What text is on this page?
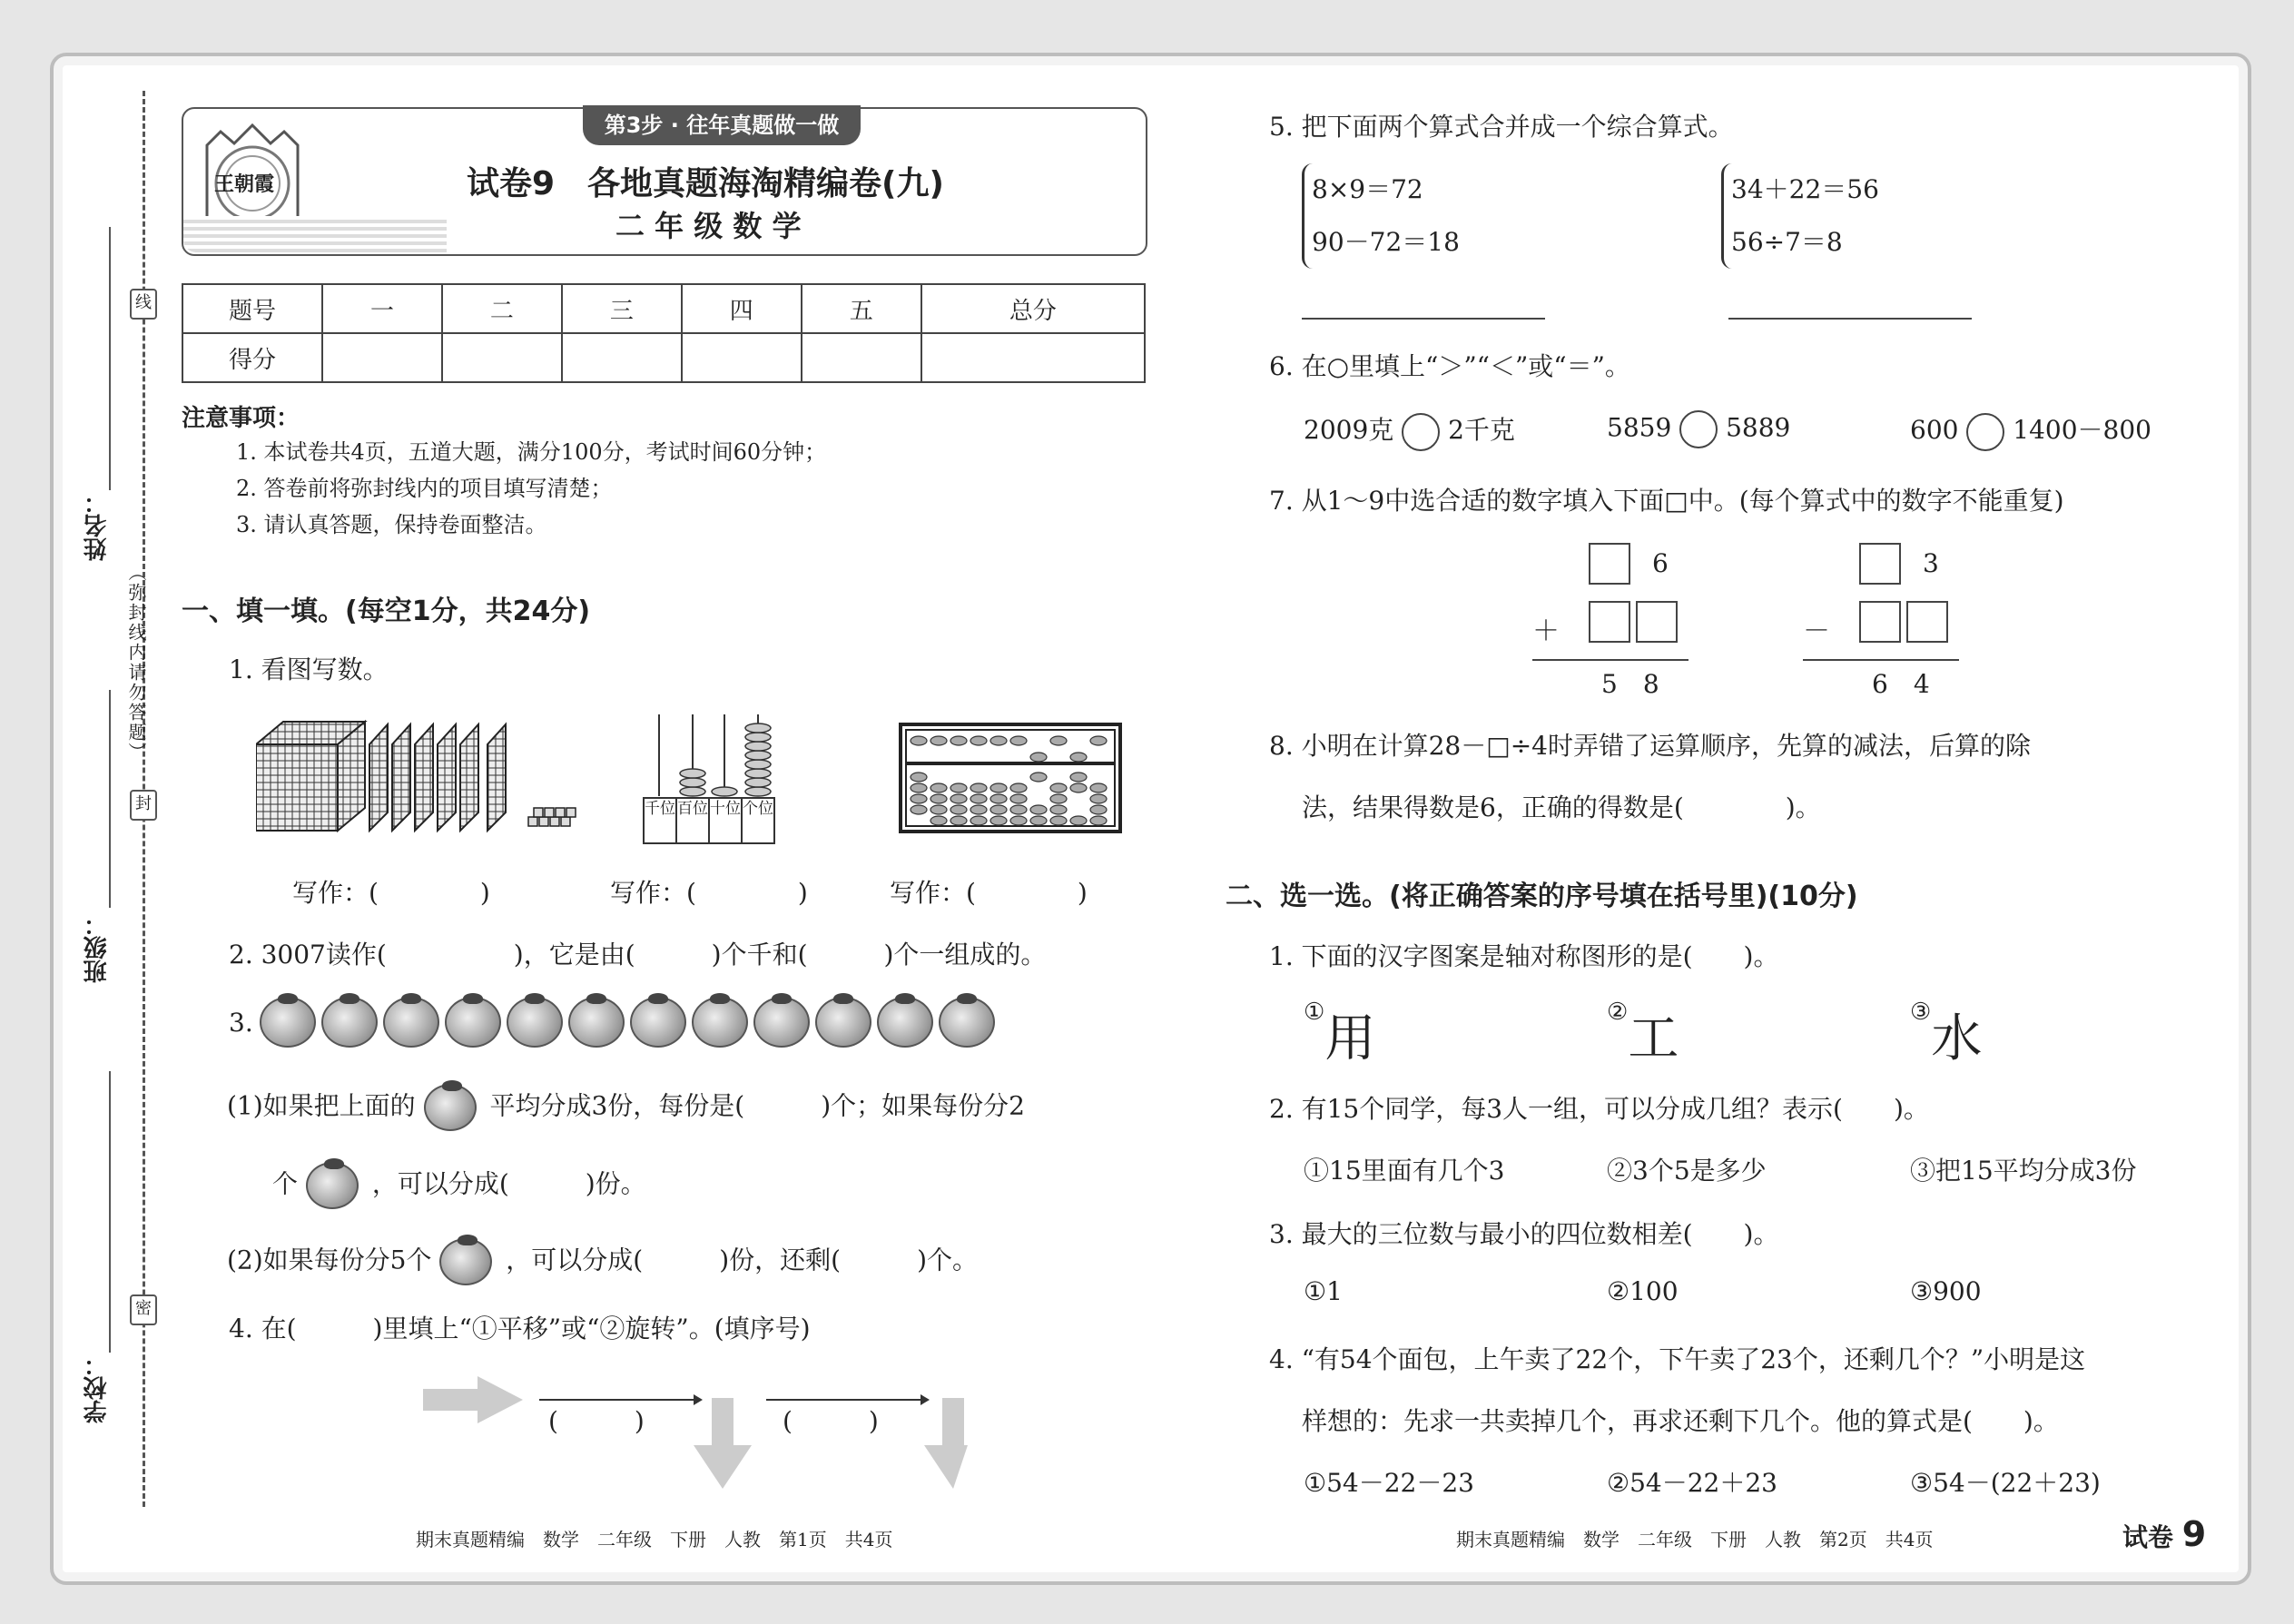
线
封
密
姓名：
班级：
学校：
（弥封线内请勿答题）
第3步 · 往年真题做一做
王朝霞	试卷9　各地真题海淘精编卷(九)
二 年 级 数 学
题号	一	二	三	四	五	总分
得分						
注意事项：
1. 本试卷共4页，五道大题，满分100分，考试时间60分钟；
2. 答卷前将弥封线内的项目填写清楚；
3. 请认真答题，保持卷面整洁。
一、填一填。(每空1分，共24分)
1. 看图写数。
千位 百位 十位 个位
写作：(　　　　)	写作：(　　　　)	写作：(　　　　)
2. 3007读作(　　　　　)，它是由(　　　)个千和(　　　)个一组成的。
3.
(1)如果把上面的	平均分成3份，每份是(　　　)个；如果每份分2
个	，可以分成(　　　)份。
(2)如果每份分5个	，可以分成(　　　)份，还剩(　　　)个。
4. 在(　　　)里填上“①平移”或“②旋转”。(填序号)
(　　　)	(　　　)
期末真题精编　数学　二年级　下册　人教　第1页　共4页
5. 把下面两个算式合并成一个综合算式。
8×9＝72
90－72＝18
34＋22＝56
56÷7＝8
6. 在○里填上“＞”“＜”或“＝”。
2009克 2千克	5859 5889	600 1400－800
7. 从1～9中选合适的数字填入下面□中。(每个算式中的数字不能重复)
6
＋
5　8
3
－
6　4
8. 小明在计算28－□÷4时弄错了运算顺序，先算的减法，后算的除
法，结果得数是6，正确的得数是(　　　　)。
二、选一选。(将正确答案的序号填在括号里)(10分)
1. 下面的汉字图案是轴对称图形的是(　　)。
①用	②工	③水
2. 有15个同学，每3人一组，可以分成几组？表示(　　)。
①15里面有几个3	②3个5是多少	③把15平均分成3份
3. 最大的三位数与最小的四位数相差(　　)。
①1	②100	③900
4. “有54个面包，上午卖了22个，下午卖了23个，还剩几个？”小明是这
样想的：先求一共卖掉几个，再求还剩下几个。他的算式是(　　)。
①54－22－23	②54－22＋23	③54－(22＋23)
期末真题精编　数学　二年级　下册　人教　第2页　共4页	试卷 9
